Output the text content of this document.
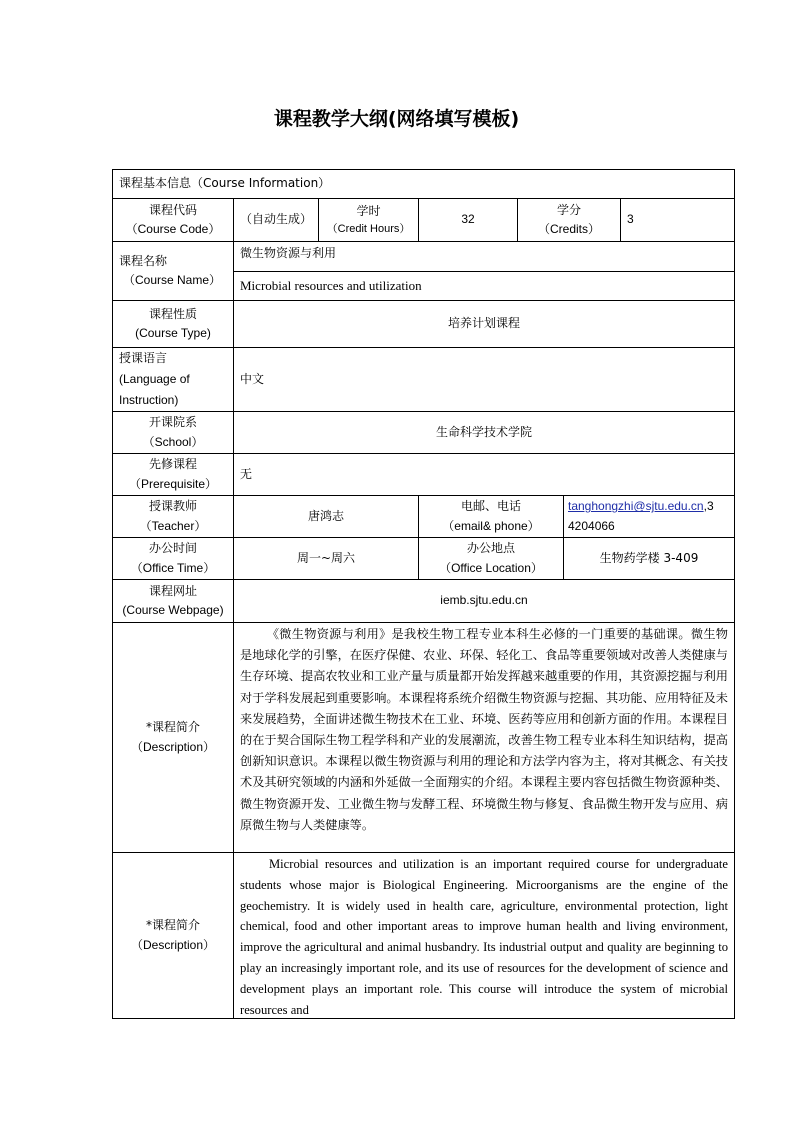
课程教学大纲(网络填写模板)
课程基本信息（Course Information）
课程代码
（Course Code）
（自动生成）
学时
（Credit Hours）
32
学分
（Credits）
3
课程名称
（Course Name）
微生物资源与利用
Microbial resources and utilization
课程性质
(Course Type)
培养计划课程
授课语言
(Language of
Instruction)
中文
开课院系
（School）
生命科学技术学院
先修课程
（Prerequisite）
无
授课教师
（Teacher）
唐鸿志
电邮、电话
（email& phone）
tanghongzhi@sjtu.edu.cn,3
4204066
办公时间
（Office Time）
周一~周六
办公地点
（Office Location）
生物药学楼 3-409
课程网址
(Course Webpage)
iemb.sjtu.edu.cn
*课程简介
（Description）
《微生物资源与利用》是我校生物工程专业本科生必修的一门重要的基础课。微生物是地球化学的引擎，在医疗保健、农业、环保、轻化工、食品等重要领域对改善人类健康与生存环境、提高农牧业和工业产量与质量都开始发挥越来越重要的作用，其资源挖掘与利用对于学科发展起到重要影响。本课程将系统介绍微生物资源与挖掘、其功能、应用特征及未来发展趋势，全面讲述微生物技术在工业、环境、医药等应用和创新方面的作用。本课程目的在于契合国际生物工程学科和产业的发展潮流，改善生物工程专业本科生知识结构，提高创新知识意识。本课程以微生物资源与利用的理论和方法学内容为主，将对其概念、有关技术及其研究领域的内涵和外延做一全面翔实的介绍。本课程主要内容包括微生物资源种类、微生物资源开发、工业微生物与发酵工程、环境微生物与修复、食品微生物开发与应用、病原微生物与人类健康等。
*课程简介
（Description）
Microbial resources and utilization is an important required course for undergraduate students whose major is Biological Engineering. Microorganisms are the engine of the geochemistry. It is widely used in health care, agriculture, environmental protection, light chemical, food and other important areas to improve human health and living environment, improve the agricultural and animal husbandry. Its industrial output and quality are beginning to play an increasingly important role, and its use of resources for the development of science and development plays an important role. This course will introduce the system of microbial resources and
